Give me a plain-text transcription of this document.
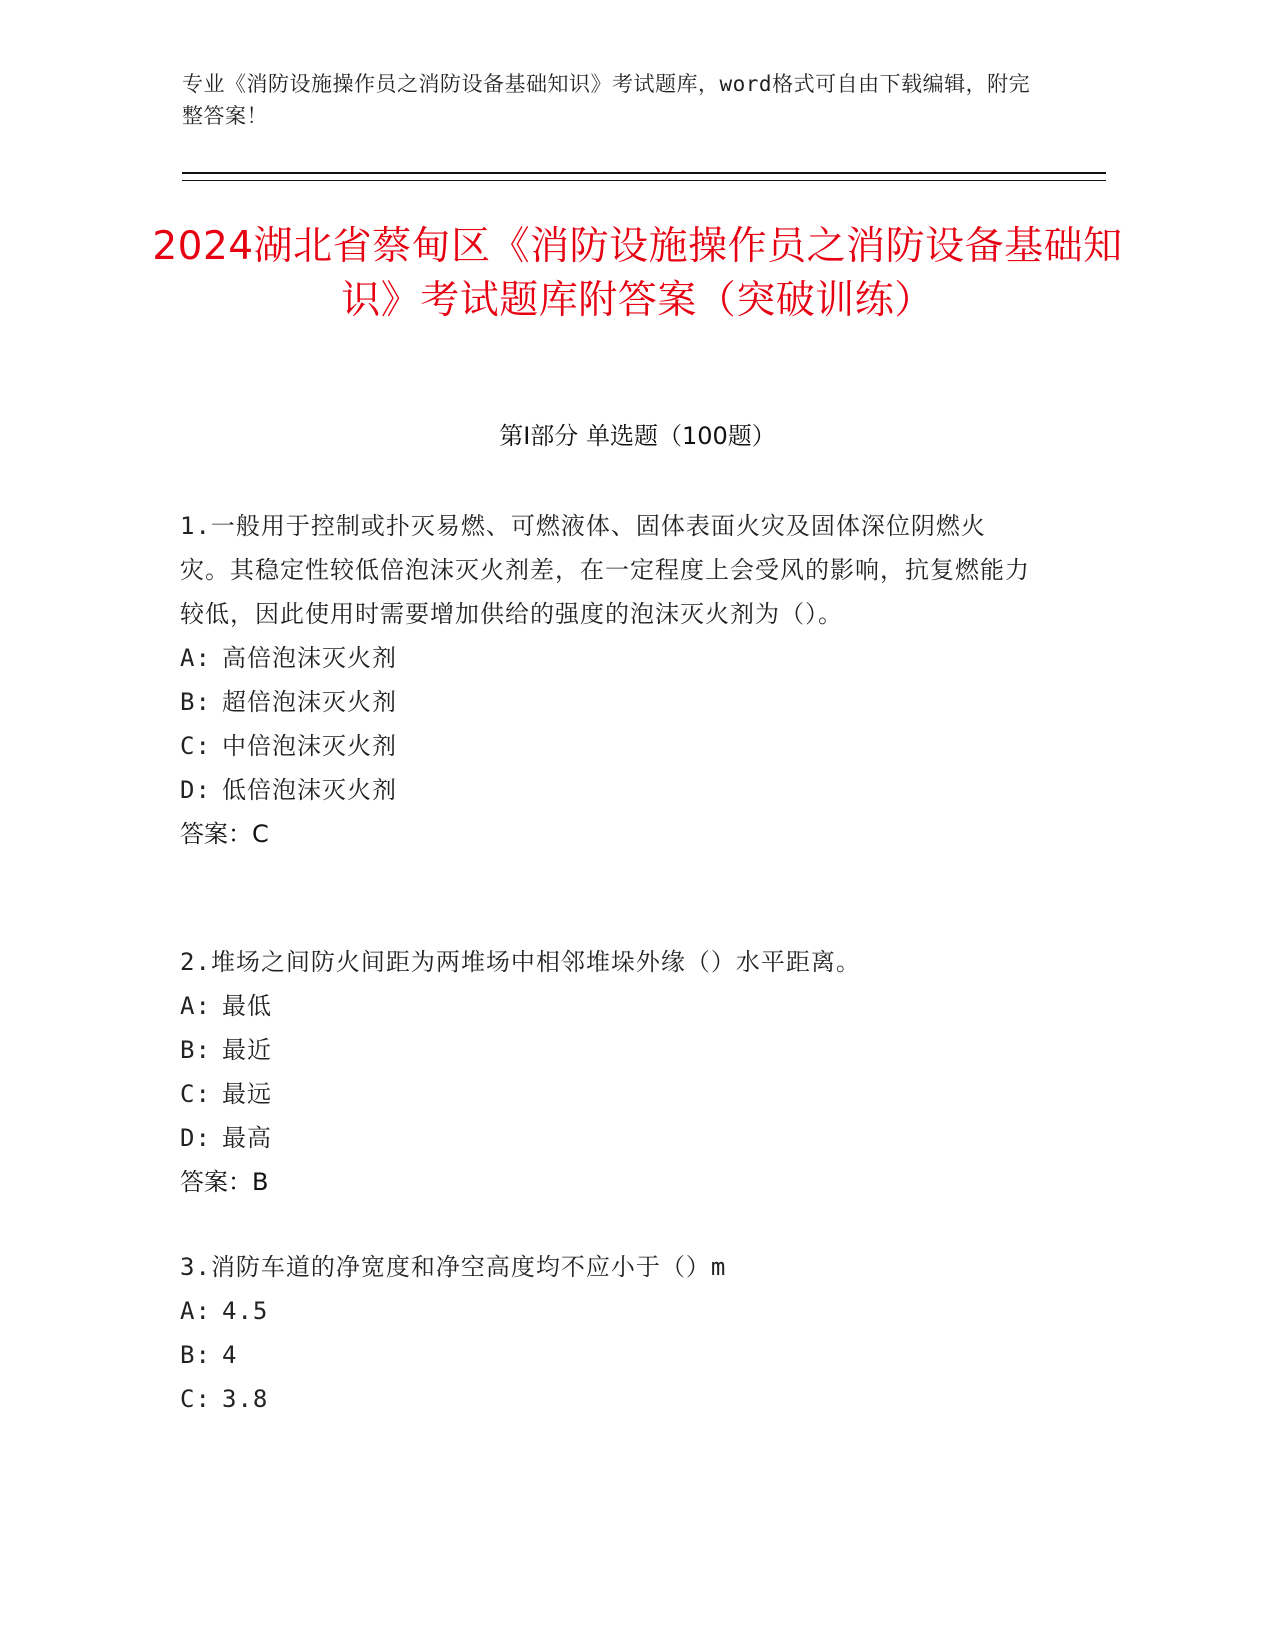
专业《消防设施操作员之消防设备基础知识》考试题库，word格式可自由下载编辑，附完整答案！
2024湖北省蔡甸区《消防设施操作员之消防设备基础知识》考试题库附答案（突破训练）
第Ⅰ部分 单选题（100题）
1.一般用于控制或扑灭易燃、可燃液体、固体表面火灾及固体深位阴燃火灾。其稳定性较低倍泡沫灭火剂差，在一定程度上会受风的影响，抗复燃能力较低，因此使用时需要增加供给的强度的泡沫灭火剂为（）。
A: 高倍泡沫灭火剂
B: 超倍泡沫灭火剂
C: 中倍泡沫灭火剂
D: 低倍泡沫灭火剂
答案：C
2.堆场之间防火间距为两堆场中相邻堆垛外缘（）水平距离。
A: 最低
B: 最近
C: 最远
D: 最高
答案：B
3.消防车道的净宽度和净空高度均不应小于（）m
A: 4.5
B: 4
C: 3.8
